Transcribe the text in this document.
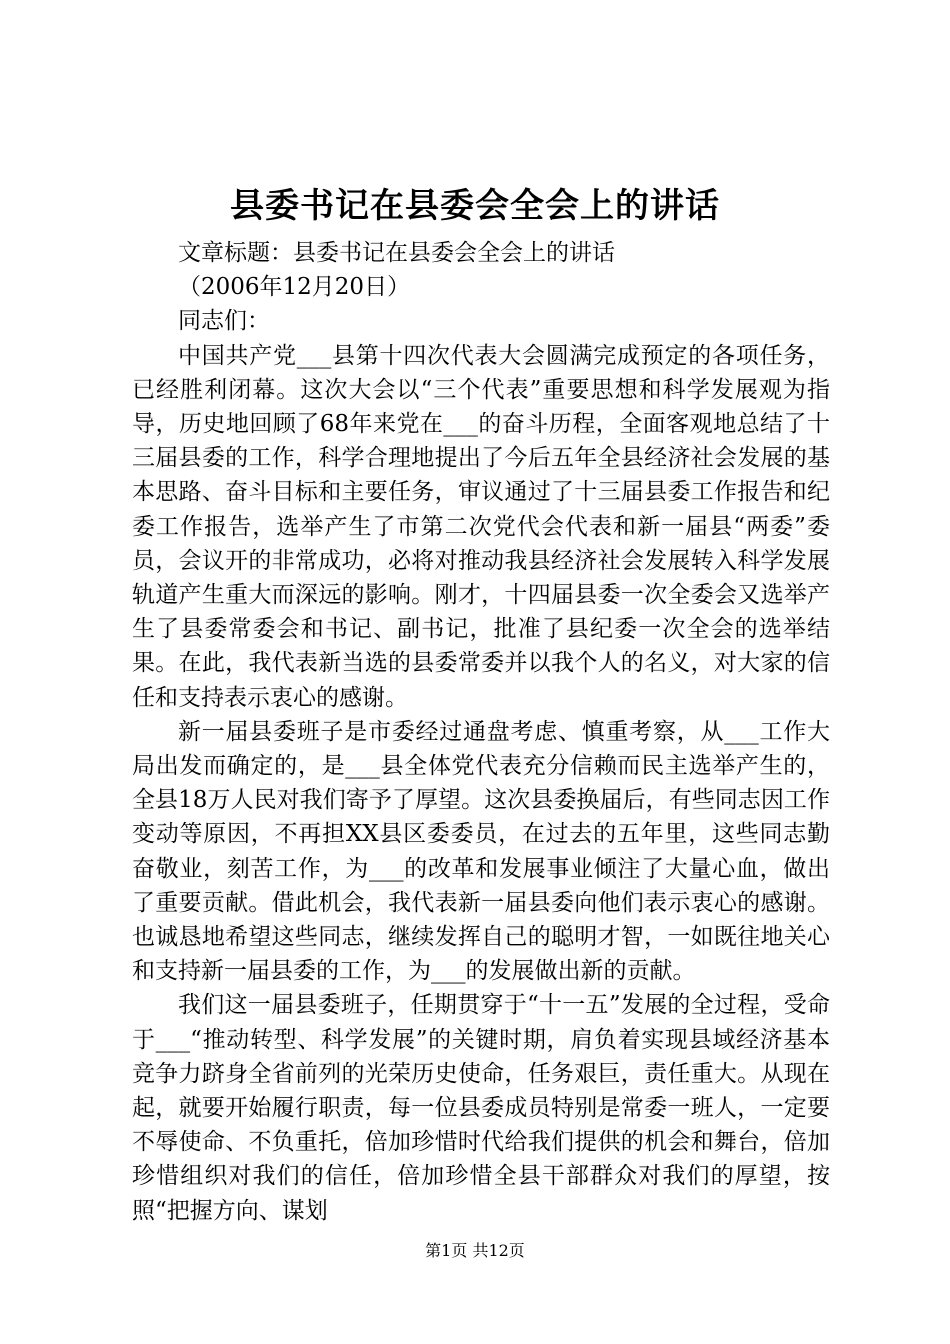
县委书记在县委会全会上的讲话

文章标题：县委书记在县委会全会上的讲话

（2006年12月20日）

同志们：

中国共产党___县第十四次代表大会圆满完成预定的各项任务，已经胜利闭幕。这次大会以“三个代表”重要思想和科学发展观为指导，历史地回顾了68年来党在___的奋斗历程，全面客观地总结了十三届县委的工作，科学合理地提出了今后五年全县经济社会发展的基本思路、奋斗目标和主要任务，审议通过了十三届县委工作报告和纪委工作报告，选举产生了市第二次党代会代表和新一届县“两委”委员，会议开的非常成功，必将对推动我县经济社会发展转入科学发展轨道产生重大而深远的影响。刚才，十四届县委一次全委会又选举产生了县委常委会和书记、副书记，批准了县纪委一次全会的选举结果。在此，我代表新当选的县委常委并以我个人的名义，对大家的信任和支持表示衷心的感谢。

新一届县委班子是市委经过通盘考虑、慎重考察，从___工作大局出发而确定的，是___县全体党代表充分信赖而民主选举产生的，全县18万人民对我们寄予了厚望。这次县委换届后，有些同志因工作变动等原因，不再担XX县区委委员，在过去的五年里，这些同志勤奋敬业，刻苦工作，为___的改革和发展事业倾注了大量心血，做出了重要贡献。借此机会，我代表新一届县委向他们表示衷心的感谢。也诚恳地希望这些同志，继续发挥自己的聪明才智，一如既往地关心和支持新一届县委的工作，为___的发展做出新的贡献。

我们这一届县委班子，任期贯穿于“十一五”发展的全过程，受命于___“推动转型、科学发展”的关键时期，肩负着实现县域经济基本竞争力跻身全省前列的光荣历史使命，任务艰巨，责任重大。从现在起，就要开始履行职责，每一位县委成员特别是常委一班人，一定要不辱使命、不负重托，倍加珍惜时代给我们提供的机会和舞台，倍加珍惜组织对我们的信任，倍加珍惜全县干部群众对我们的厚望，按照“把握方向、谋划

第1页 共12页
